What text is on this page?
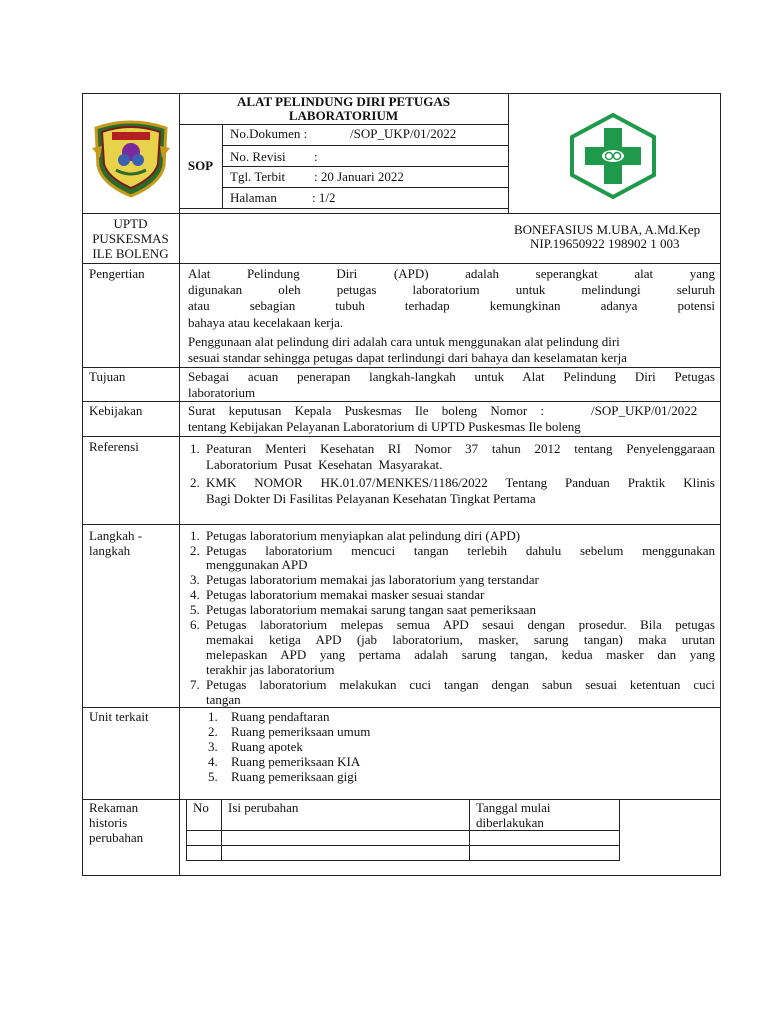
ALAT PELINDUNG DIRI PETUGAS
LABORATORIUM
SOP
No.Dokumen :	/SOP_UKP/01/2022
No. Revisi :
Tgl. Terbit : 20 Januari 2022
Halaman	: 1/2
UPTD
PUSKESMAS
ILE BOLENG
BONEFASIUS M.UBA, A.Md.Kep
NIP.19650922 198902 1 003
Pengertian	Alat Pelindung Diri (APD) adalah seperangkat alat yang
digunakan oleh petugas laboratorium untuk melindungi seluruh
atau sebagian tubuh terhadap kemungkinan adanya potensi
bahaya atau kecelakaan kerja.
Penggunaan alat pelindung diri adalah cara untuk menggunakan alat pelindung diri
sesuai standar sehingga petugas dapat terlindungi dari bahaya dan keselamatan kerja
Tujuan	Sebagai acuan penerapan langkah-langkah untuk Alat Pelindung Diri Petugas
laboratorium
Kebijakan	Surat keputusan Kepala Puskesmas Ile boleng Nomor :	/SOP_UKP/01/2022
tentang Kebijakan Pelayanan Laboratorium di UPTD Puskesmas Ile boleng
Referensi	1. Peaturan Menteri Kesehatan RI Nomor 37 tahun 2012 tentang Penyelenggaraan
Laboratorium Pusat Kesehatan Masyarakat.
2. KMK NOMOR HK.01.07/MENKES/1186/2022 Tentang Panduan Praktik Klinis
Bagi Dokter Di Fasilitas Pelayanan Kesehatan Tingkat Pertama
Langkah -
langkah
1. Petugas laboratorium menyiapkan alat pelindung diri (APD)
2. Petugas laboratorium mencuci tangan terlebih dahulu sebelum menggunakan
menggunakan APD
3. Petugas laboratorium memakai jas laboratorium yang terstandar
4. Petugas laboratorium memakai masker sesuai standar
5. Petugas laboratorium memakai sarung tangan saat pemeriksaan
6. Petugas laboratorium melepas semua APD sesaui dengan prosedur. Bila petugas
memakai ketiga APD (jab laboratorium, masker, sarung tangan) maka urutan
melepaskan APD yang pertama adalah sarung tangan, kedua masker dan yang
terakhir jas laboratorium
7. Petugas laboratorium melakukan cuci tangan dengan sabun sesuai ketentuan cuci
tangan
Unit terkait	1. Ruang pendaftaran
2. Ruang pemeriksaan umum
3. Ruang apotek
4. Ruang pemeriksaan KIA
5. Ruang pemeriksaan gigi
Rekaman
historis
perubahan
No Isi perubahan	Tanggal mulai
diberlakukan
